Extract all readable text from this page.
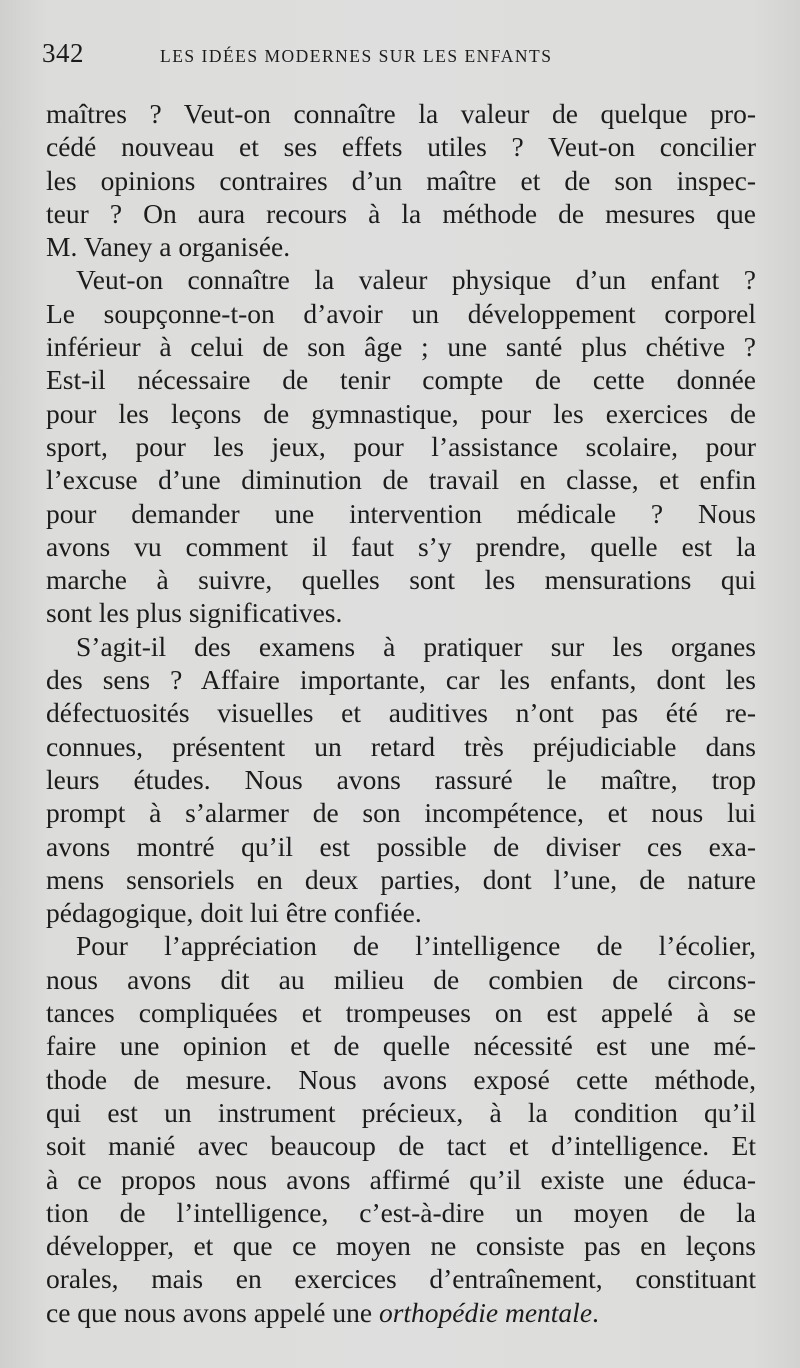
342	LES IDÉES MODERNES SUR LES ENFANTS

maîtres ? Veut-on connaître la valeur de quelque pro-
cédé nouveau et ses effets utiles ? Veut-on concilier
les opinions contraires d’un maître et de son inspec-
teur ? On aura recours à la méthode de mesures que
M. Vaney a organisée.

Veut-on connaître la valeur physique d’un enfant ?
Le soupçonne-t-on d’avoir un développement corporel
inférieur à celui de son âge ; une santé plus chétive ?
Est-il nécessaire de tenir compte de cette donnée
pour les leçons de gymnastique, pour les exercices de
sport, pour les jeux, pour l’assistance scolaire, pour
l’excuse d’une diminution de travail en classe, et enfin
pour demander une intervention médicale ? Nous
avons vu comment il faut s’y prendre, quelle est la
marche à suivre, quelles sont les mensurations qui
sont les plus significatives.

S’agit-il des examens à pratiquer sur les organes
des sens ? Affaire importante, car les enfants, dont les
défectuosités visuelles et auditives n’ont pas été re-
connues, présentent un retard très préjudiciable dans
leurs études. Nous avons rassuré le maître, trop
prompt à s’alarmer de son incompétence, et nous lui
avons montré qu’il est possible de diviser ces exa-
mens sensoriels en deux parties, dont l’une, de nature
pédagogique, doit lui être confiée.

Pour l’appréciation de l’intelligence de l’écolier,
nous avons dit au milieu de combien de circons-
tances compliquées et trompeuses on est appelé à se
faire une opinion et de quelle nécessité est une mé-
thode de mesure. Nous avons exposé cette méthode,
qui est un instrument précieux, à la condition qu’il
soit manié avec beaucoup de tact et d’intelligence. Et
à ce propos nous avons affirmé qu’il existe une éduca-
tion de l’intelligence, c’est-à-dire un moyen de la
développer, et que ce moyen ne consiste pas en leçons
orales, mais en exercices d’entraînement, constituant
ce que nous avons appelé une orthopédie mentale.
